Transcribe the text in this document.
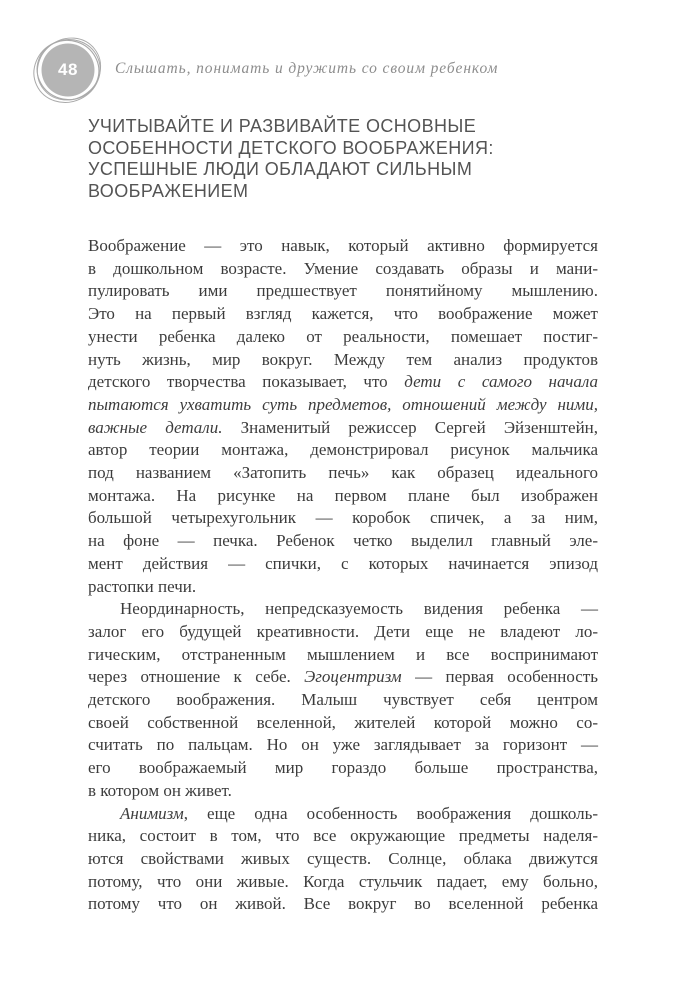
48	Слышать, понимать и дружить со своим ребенком
УЧИТЫВАЙТЕ И РАЗВИВАЙТЕ ОСНОВНЫЕ
ОСОБЕННОСТИ ДЕТСКОГО ВООБРАЖЕНИЯ:
УСПЕШНЫЕ ЛЮДИ ОБЛАДАЮТ СИЛЬНЫМ
ВООБРАЖЕНИЕМ
Воображение — это навык, который активно формируется
в дошкольном возрасте. Умение создавать образы и мани-
пулировать ими предшествует понятийному мышлению.
Это на первый взгляд кажется, что воображение может
унести ребенка далеко от реальности, помешает постиг-
нуть жизнь, мир вокруг. Между тем анализ продуктов
детского творчества показывает, что дети с самого начала
пытаются ухватить суть предметов, отношений между ними,
важные детали. Знаменитый режиссер Сергей Эйзенштейн,
автор теории монтажа, демонстрировал рисунок мальчика
под названием «Затопить печь» как образец идеального
монтажа. На рисунке на первом плане был изображен
большой четырехугольник — коробок спичек, а за ним,
на фоне — печка. Ребенок четко выделил главный эле-
мент действия — спички, с которых начинается эпизод
растопки печи.
Неординарность, непредсказуемость видения ребенка —
залог его будущей креативности. Дети еще не владеют ло-
гическим, отстраненным мышлением и все воспринимают
через отношение к себе. Эгоцентризм — первая особенность
детского воображения. Малыш чувствует себя центром
своей собственной вселенной, жителей которой можно со-
считать по пальцам. Но он уже заглядывает за горизонт —
его воображаемый мир гораздо больше пространства,
в котором он живет.
Анимизм, еще одна особенность воображения дошколь-
ника, состоит в том, что все окружающие предметы наделя-
ются свойствами живых существ. Солнце, облака движутся
потому, что они живые. Когда стульчик падает, ему больно,
потому что он живой. Все вокруг во вселенной ребенка
